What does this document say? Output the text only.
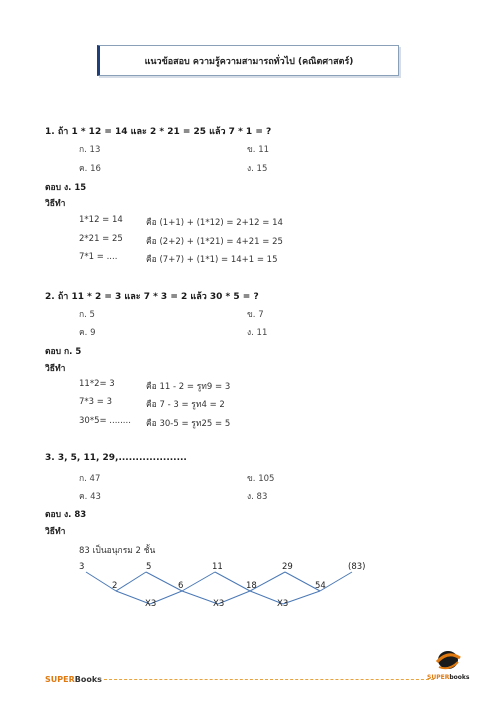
แนวข้อสอบ ความรู้ความสามารถทั่วไป (คณิตศาสตร์)
1. ถ้า 1 * 12 = 14 และ 2 * 21 = 25 แล้ว 7 * 1 = ?
ก. 13	ข. 11
ค. 16	ง. 15
ตอบ ง. 15
วิธีทำ
1*12 = 14	คือ (1+1) + (1*12) = 2+12 = 14
2*21 = 25	คือ (2+2) + (1*21) = 4+21 = 25
7*1 = ....	คือ (7+7) + (1*1) = 14+1 = 15
2. ถ้า 11 * 2 = 3 และ 7 * 3 = 2 แล้ว 30 * 5 = ?
ก. 5	ข. 7
ค. 9	ง. 11
ตอบ ก. 5
วิธีทำ
11*2= 3	คือ 11 - 2 = รูท9 = 3
7*3 = 3	คือ 7 - 3 = รูท4 = 2
30*5= ........ คือ 30-5 = รูท25 = 5
3. 3, 5, 11, 29,....................
ก. 47	ข. 105
ค. 43	ง. 83
ตอบ ง. 83
วิธีทำ
83 เป็นอนุกรม 2 ชั้น
3	5	11	29	(83)
2	6	18	54
X3	X3	X3
SUPERBooks	SUPERbooks
